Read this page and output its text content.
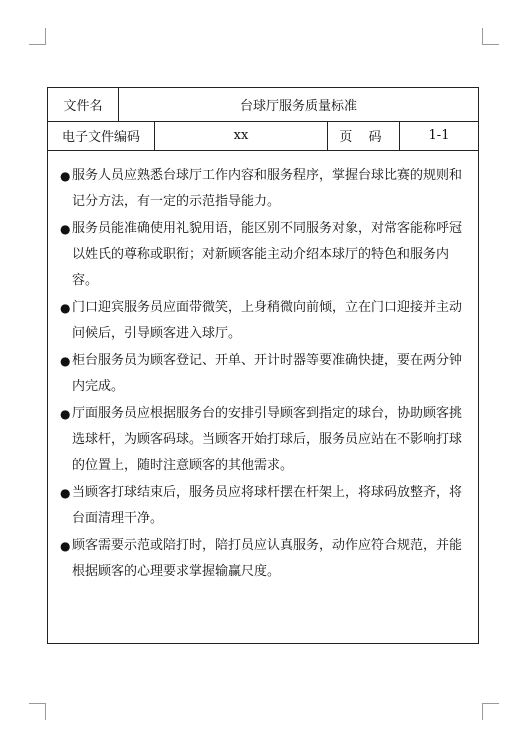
文件名	台球厅服务质量标准
电子文件编码	xx	页 码	1-1
● 服务人员应熟悉台球厅工作内容和服务程序，掌握台球比赛的规则和记分方法，有一定的示范指导能力。
● 服务员能准确使用礼貌用语，能区别不同服务对象，对常客能称呼冠以姓氏的尊称或职衔；对新顾客能主动介绍本球厅的特色和服务内容。
● 门口迎宾服务员应面带微笑，上身稍微向前倾，立在门口迎接并主动问候后，引导顾客进入球厅。
● 柜台服务员为顾客登记、开单、开计时器等要准确快捷，要在两分钟内完成。
● 厅面服务员应根据服务台的安排引导顾客到指定的球台，协助顾客挑选球杆，为顾客码球。当顾客开始打球后，服务员应站在不影响打球的位置上，随时注意顾客的其他需求。
● 当顾客打球结束后，服务员应将球杆摆在杆架上，将球码放整齐，将台面清理干净。
● 顾客需要示范或陪打时，陪打员应认真服务，动作应符合规范，并能根据顾客的心理要求掌握输赢尺度。
